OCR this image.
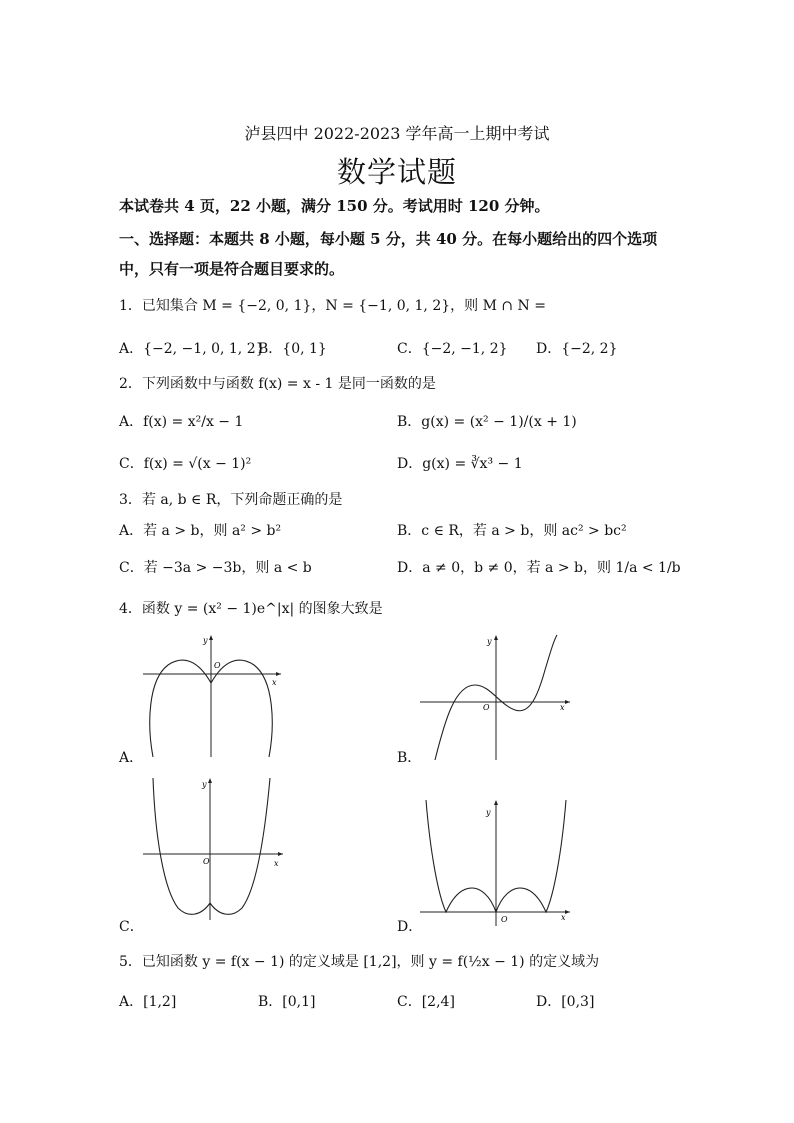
泸县四中 2022-2023 学年高一上期中考试
数学试题
本试卷共 4 页，22 小题，满分 150 分。考试用时 120 分钟。
一、选择题：本题共 8 小题，每小题 5 分，共 40 分。在每小题给出的四个选项
中，只有一项是符合题目要求的。
1．已知集合 M = {−2, 0, 1}，N = {−1, 0, 1, 2}，则 M ∩ N =
A．{−2, −1, 0, 1, 2}
B．{0, 1}	C．{−2, −1, 2} D．{−2, 2}
2．下列函数中与函数 f(x) = x - 1 是同一函数的是
A．f(x) = x²/x − 1	B．g(x) = (x² − 1)/(x + 1)
C．f(x) = √(x − 1)²	D．g(x) = ∛x³ − 1
3．若 a, b ∈ R，下列命题正确的是
A．若 a > b，则 a² > b²	B．c ∈ R，若 a > b，则 ac² > bc²
C．若 −3a > −3b，则 a < b	D．a ≠ 0，b ≠ 0，若 a > b，则 1/a < 1/b
4．函数 y = (x² − 1)e^|x| 的图象大致是
y
x
O
A．
y
x
O
B．
y
x
O
C．
y
x
O
D．
5．已知函数 y = f(x − 1) 的定义域是 [1,2]，则 y = f(½x − 1) 的定义域为
A．[1,2]	B．[0,1]	C．[2,4]	D．[0,3]
